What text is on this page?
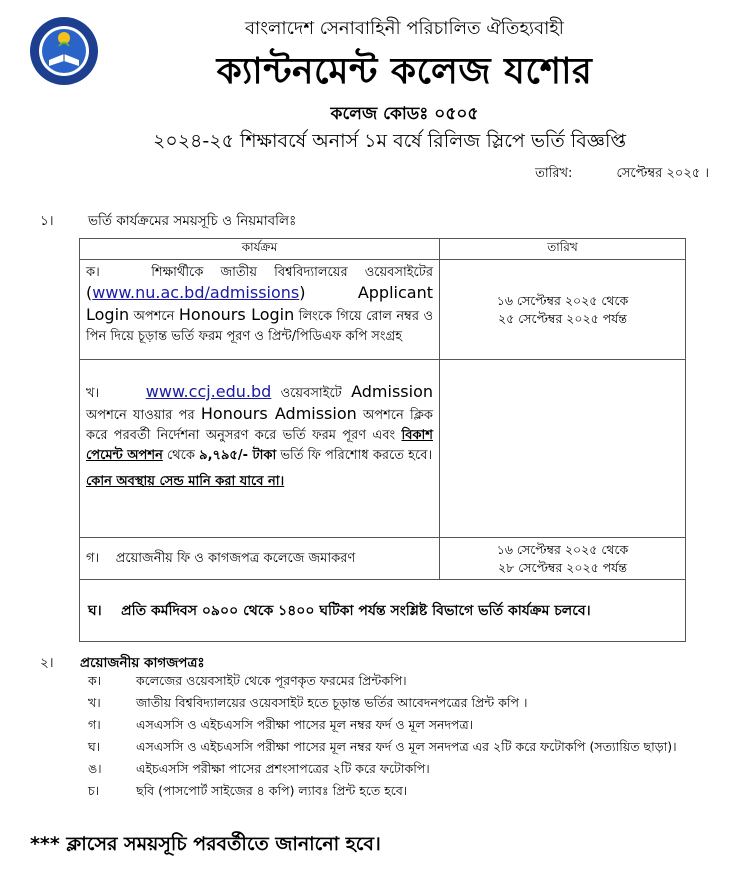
বাংলাদেশ সেনাবাহিনী পরিচালিত ঐতিহ্যবাহী
ক্যান্টনমেন্ট কলেজ যশোর
কলেজ কোডঃ ০৫০৫
২০২৪-২৫ শিক্ষাবর্ষে অনার্স ১ম বর্ষে রিলিজ স্লিপে ভর্তি বিজ্ঞপ্তি
তারিখ:	সেপ্টেম্বর ২০২৫ ।
১।	ভর্তি কার্যক্রমের সময়সূচি ও নিয়মাবলিঃ
কার্যক্রম	তারিখ
ক। শিক্ষার্থীকে জাতীয় বিশ্ববিদ্যালয়ের ওয়েবসাইটের (www.nu.ac.bd/admissions) Applicant Login অপশনে Honours Login লিংকে গিয়ে রোল নম্বর ও পিন দিয়ে চূড়ান্ত ভর্তি ফরম পূরণ ও প্রিন্ট/পিডিএফ কপি সংগ্রহ	১৬ সেপ্টেম্বর ২০২৫ থেকে
২৫ সেপ্টেম্বর ২০২৫ পর্যন্ত

খ। www.ccj.edu.bd ওয়েবসাইটে Admission অপশনে যাওয়ার পর Honours Admission অপশনে ক্লিক করে পরবর্তী নির্দেশনা অনুসরণ করে ভর্তি ফরম পূরণ এবং বিকাশ পেমেন্ট অপশন থেকে ৯,৭৯৫/- টাকা ভর্তি ফি পরিশোধ করতে হবে।
কোন অবস্থায় সেন্ড মানি করা যাবে না।	

গ। প্রয়োজনীয় ফি ও কাগজপত্র কলেজে জমাকরণ	১৬ সেপ্টেম্বর ২০২৫ থেকে
২৮ সেপ্টেম্বর ২০২৫ পর্যন্ত

ঘ। প্রতি কর্মদিবস ০৯০০ থেকে ১৪০০ ঘটিকা পর্যন্ত সংশ্লিষ্ট বিভাগে ভর্তি কার্যক্রম চলবে।	
২। প্রয়োজনীয় কাগজপত্রঃ
ক।	কলেজের ওয়েবসাইট থেকে পূরণকৃত ফরমের প্রিন্টকপি।
খ।	জাতীয় বিশ্ববিদ্যালয়ের ওয়েবসাইট হতে চূড়ান্ত ভর্তির আবেদনপত্রের প্রিন্ট কপি ।
গ।	এসএসসি ও এইচএসসি পরীক্ষা পাসের মূল নম্বর ফর্দ ও মূল সনদপত্র।
ঘ।	এসএসসি ও এইচএসসি পরীক্ষা পাসের মূল নম্বর ফর্দ ও মূল সনদপত্র এর ২টি করে ফটোকপি (সত্যায়িত ছাড়া)।
ঙ।	এইচএসসি পরীক্ষা পাসের প্রশংসাপত্রের ২টি করে ফটোকপি।
চ।	ছবি (পাসপোর্ট সাইজের ৪ কপি) ল্যাবঃ প্রিন্ট হতে হবে।
*** ক্লাসের সময়সূচি পরবর্তীতে জানানো হবে।
